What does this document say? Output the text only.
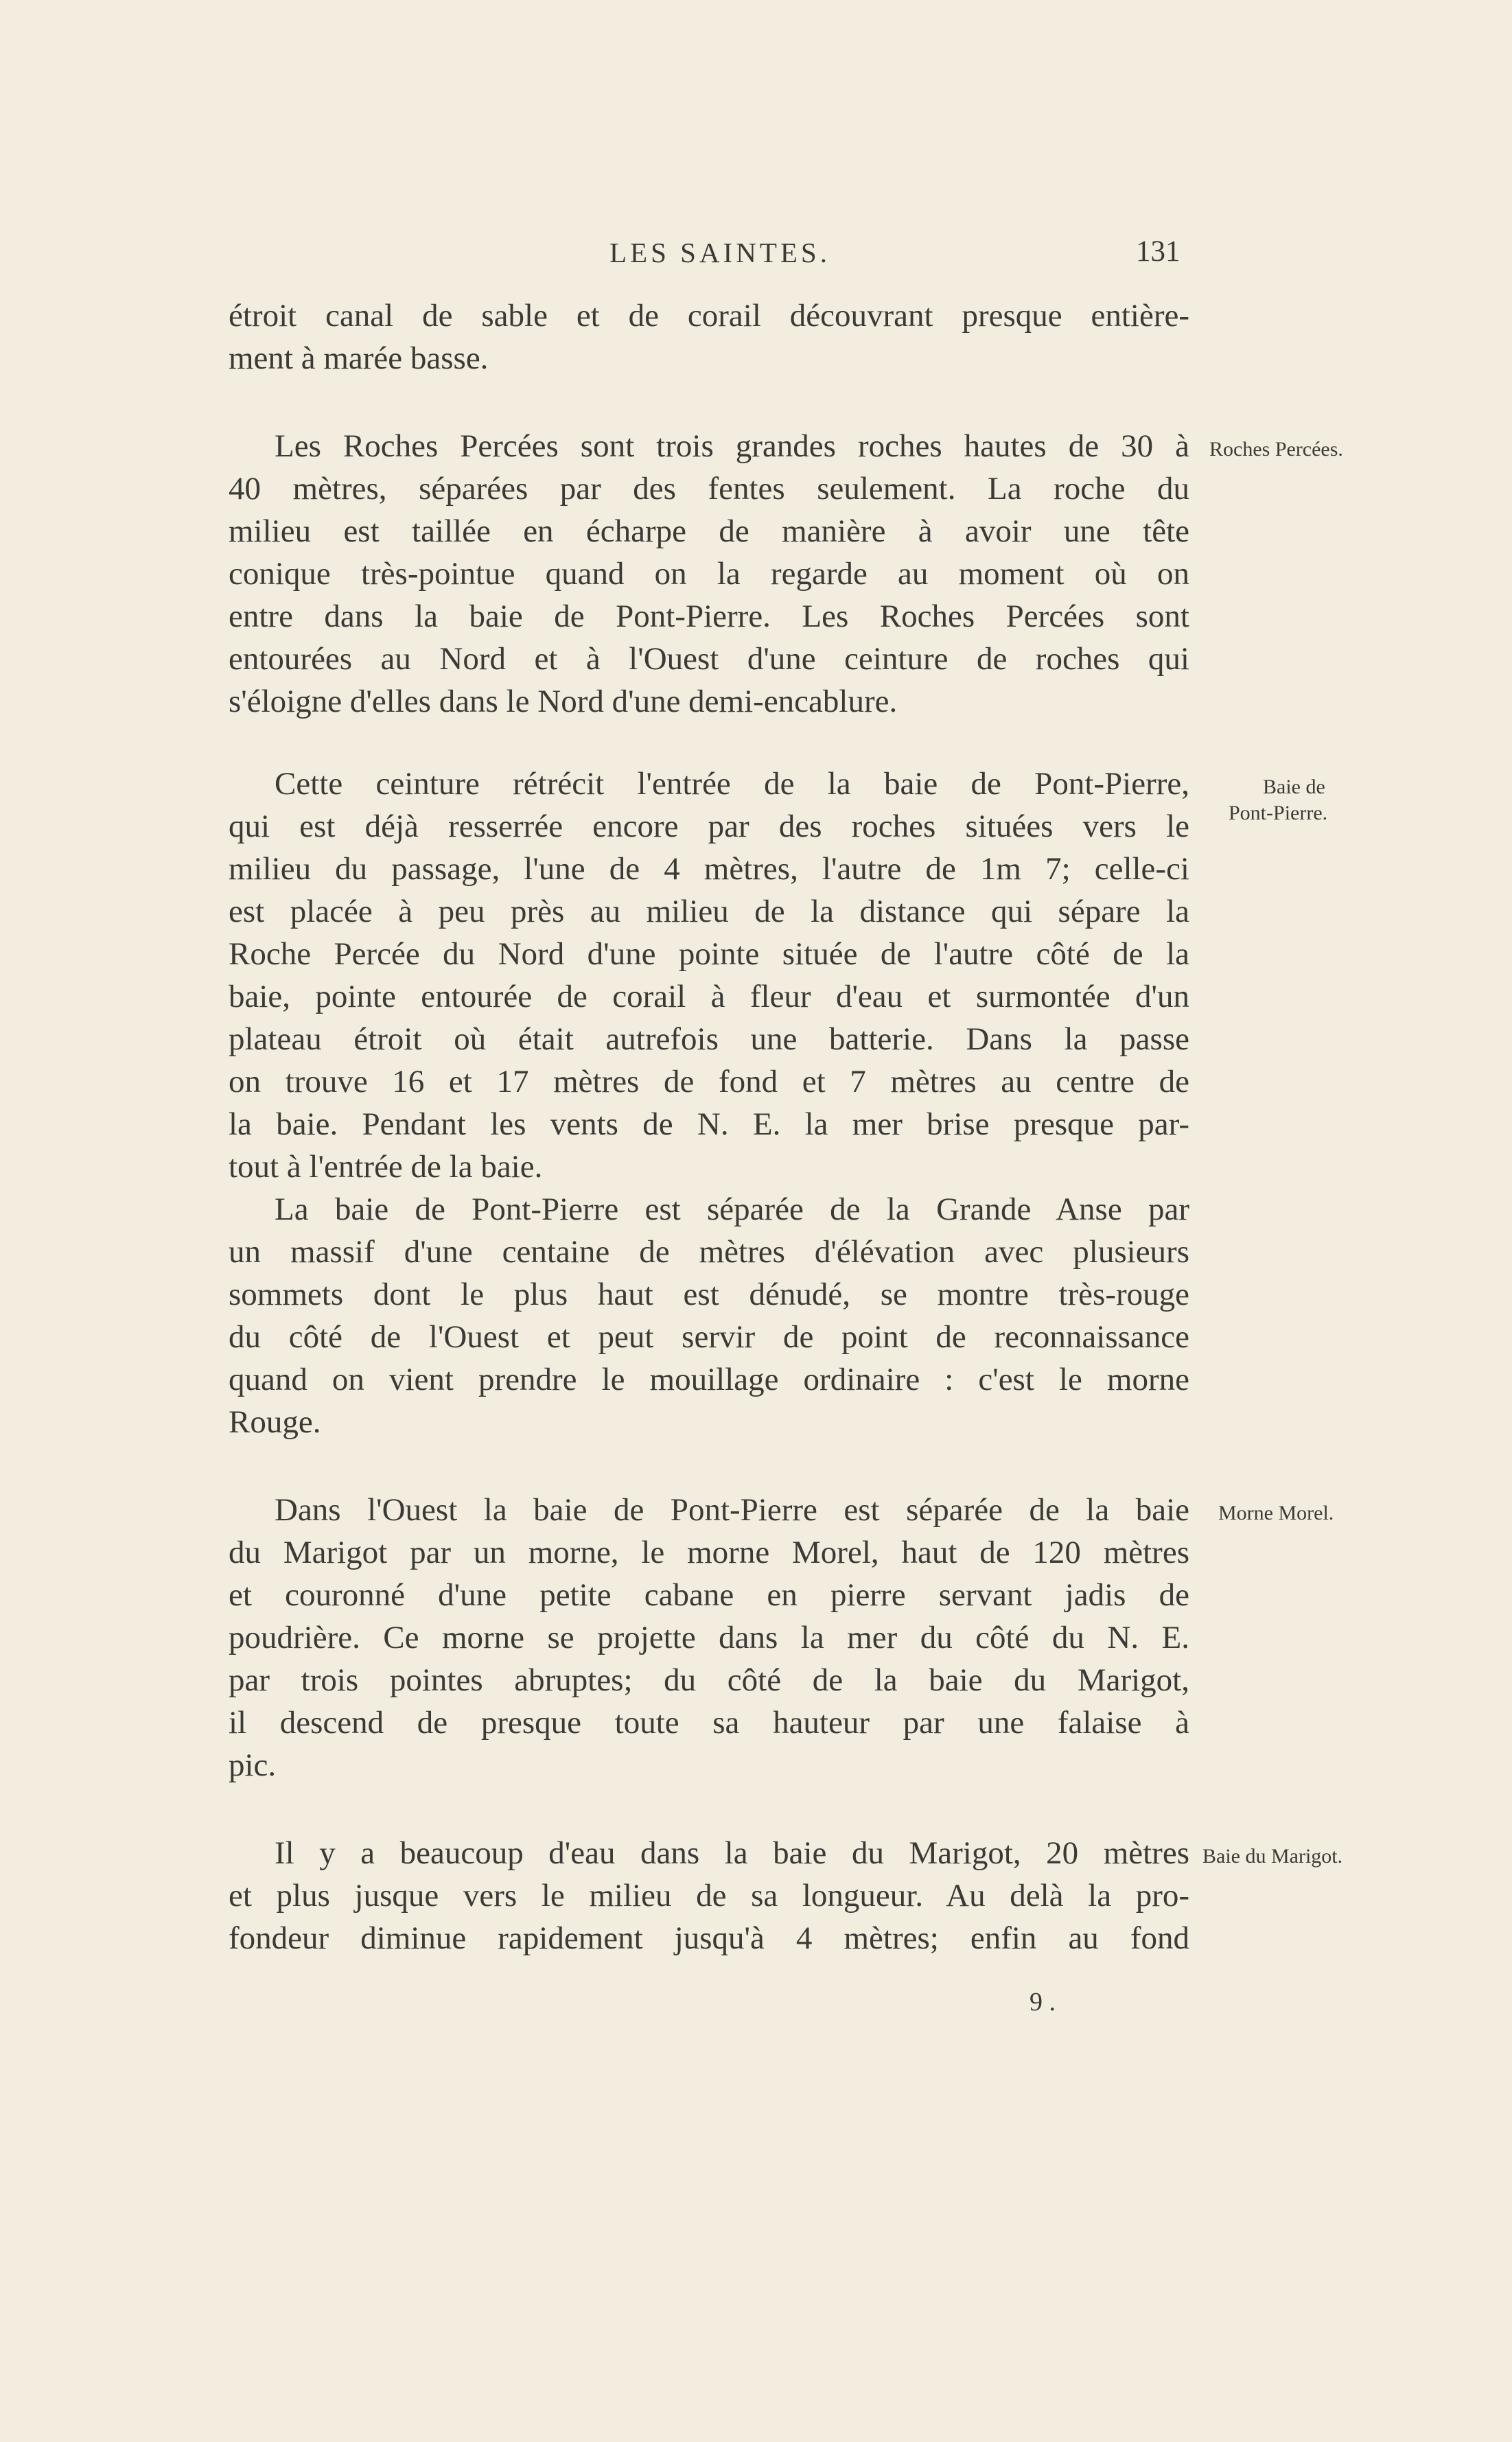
LES SAINTES.	131
étroit canal de sable et de corail découvrant presque entière-
ment à marée basse.
Les Roches Percées sont trois grandes roches hautes de 30 à
40 mètres, séparées par des fentes seulement. La roche du
milieu est taillée en écharpe de manière à avoir une tête
conique très-pointue quand on la regarde au moment où on
entre dans la baie de Pont-Pierre. Les Roches Percées sont
entourées au Nord et à l'Ouest d'une ceinture de roches qui
s'éloigne d'elles dans le Nord d'une demi-encablure.
Cette ceinture rétrécit l'entrée de la baie de Pont-Pierre,
qui est déjà resserrée encore par des roches situées vers le
milieu du passage, l'une de 4 mètres, l'autre de 1m 7; celle-ci
est placée à peu près au milieu de la distance qui sépare la
Roche Percée du Nord d'une pointe située de l'autre côté de la
baie, pointe entourée de corail à fleur d'eau et surmontée d'un
plateau étroit où était autrefois une batterie. Dans la passe
on trouve 16 et 17 mètres de fond et 7 mètres au centre de
la baie. Pendant les vents de N. E. la mer brise presque par-
tout à l'entrée de la baie.
La baie de Pont-Pierre est séparée de la Grande Anse par
un massif d'une centaine de mètres d'élévation avec plusieurs
sommets dont le plus haut est dénudé, se montre très-rouge
du côté de l'Ouest et peut servir de point de reconnaissance
quand on vient prendre le mouillage ordinaire : c'est le morne
Rouge.
Dans l'Ouest la baie de Pont-Pierre est séparée de la baie
du Marigot par un morne, le morne Morel, haut de 120 mètres
et couronné d'une petite cabane en pierre servant jadis de
poudrière. Ce morne se projette dans la mer du côté du N. E.
par trois pointes abruptes; du côté de la baie du Marigot,
il descend de presque toute sa hauteur par une falaise à
pic.
Il y a beaucoup d'eau dans la baie du Marigot, 20 mètres
et plus jusque vers le milieu de sa longueur. Au delà la pro-
fondeur diminue rapidement jusqu'à 4 mètres; enfin au fond
Roches Percées.
Baie de
Pont-Pierre.
Morne Morel.
Baie du Marigot.
9 .
